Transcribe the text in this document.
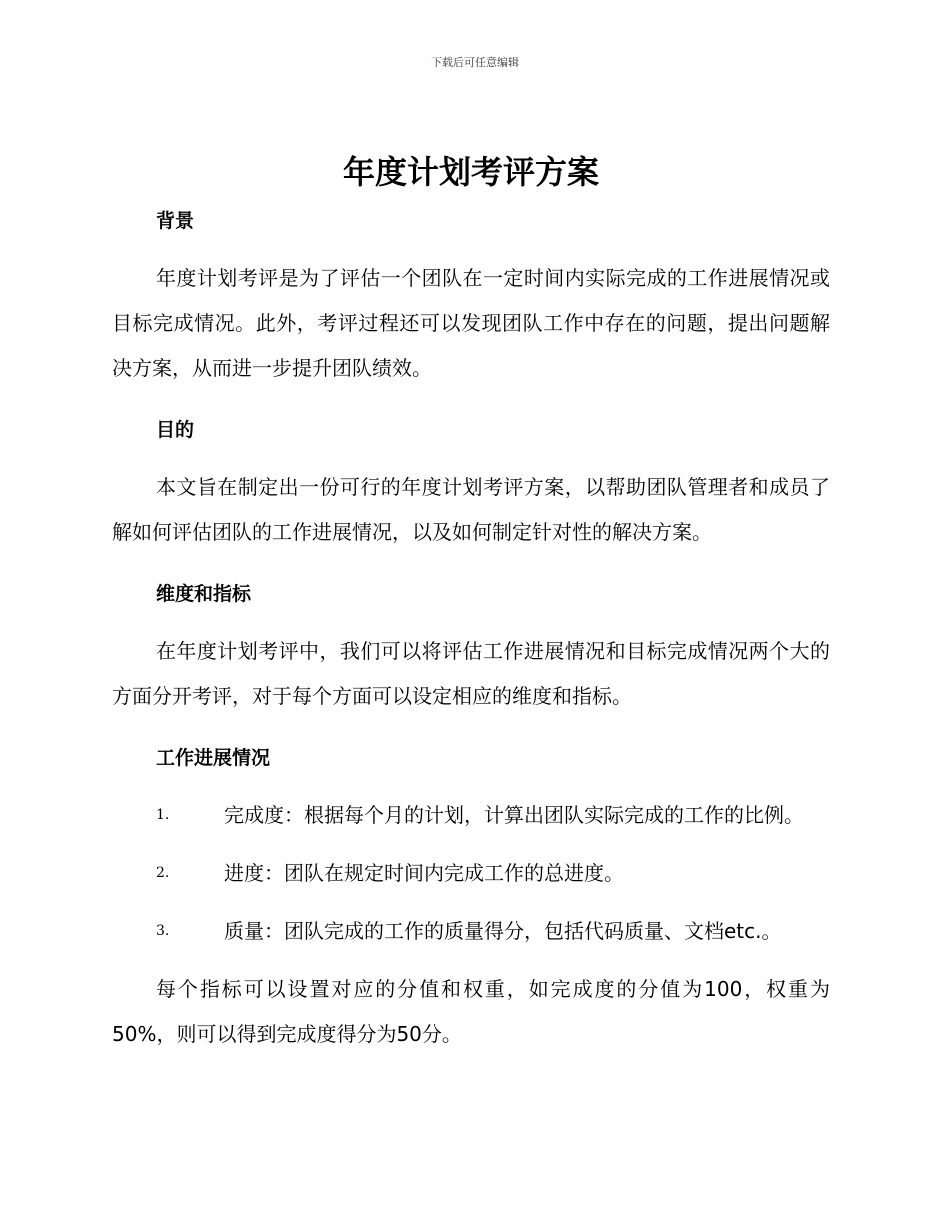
下载后可任意编辑
年度计划考评方案
背景

年度计划考评是为了评估一个团队在一定时间内实际完成的工作进展情况或目标完成情况。此外，考评过程还可以发现团队工作中存在的问题，提出问题解决方案，从而进一步提升团队绩效。

目的

本文旨在制定出一份可行的年度计划考评方案，以帮助团队管理者和成员了解如何评估团队的工作进展情况，以及如何制定针对性的解决方案。

维度和指标

在年度计划考评中，我们可以将评估工作进展情况和目标完成情况两个大的方面分开考评，对于每个方面可以设定相应的维度和指标。

工作进展情况
1.	完成度：根据每个月的计划，计算出团队实际完成的工作的比例。
2.	进度：团队在规定时间内完成工作的总进度。
3.	质量：团队完成的工作的质量得分，包括代码质量、文档etc.。

每个指标可以设置对应的分值和权重，如完成度的分值为100，权重为50%，则可以得到完成度得分为50分。
